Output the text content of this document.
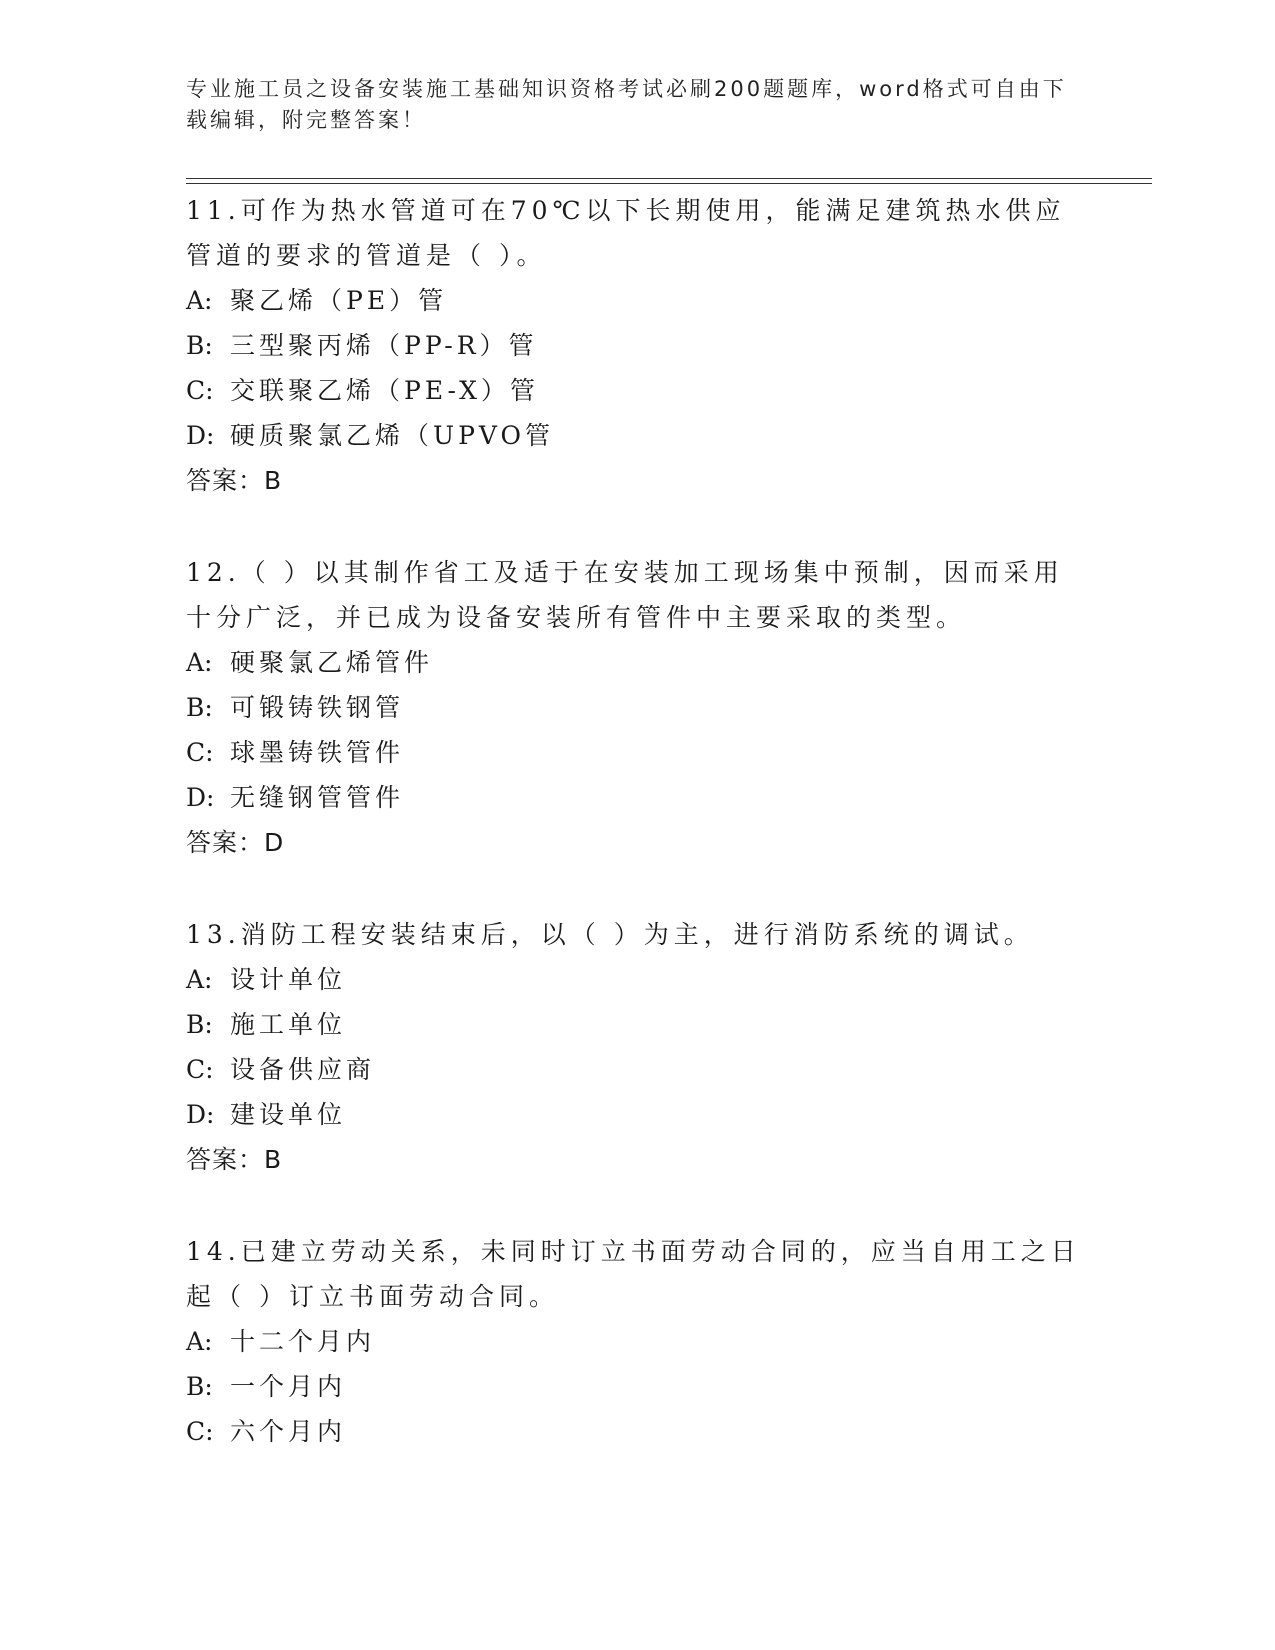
专业施工员之设备安装施工基础知识资格考试必刷200题题库，word格式可自由下载编辑，附完整答案！

11.可作为热水管道可在70℃以下长期使用，能满足建筑热水供应管道的要求的管道是（ ）。

A: 聚乙烯（PE）管

B: 三型聚丙烯（PP-R）管

C: 交联聚乙烯（PE-X）管

D: 硬质聚氯乙烯（UPVO管

答案：B

12.（ ）以其制作省工及适于在安装加工现场集中预制，因而采用十分广泛，并已成为设备安装所有管件中主要采取的类型。

A: 硬聚氯乙烯管件

B: 可锻铸铁钢管

C: 球墨铸铁管件

D: 无缝钢管管件

答案：D

13.消防工程安装结束后，以（ ）为主，进行消防系统的调试。

A: 设计单位

B: 施工单位

C: 设备供应商

D: 建设单位

答案：B

14.已建立劳动关系，未同时订立书面劳动合同的，应当自用工之日起（ ）订立书面劳动合同。

A: 十二个月内

B: 一个月内

C: 六个月内
